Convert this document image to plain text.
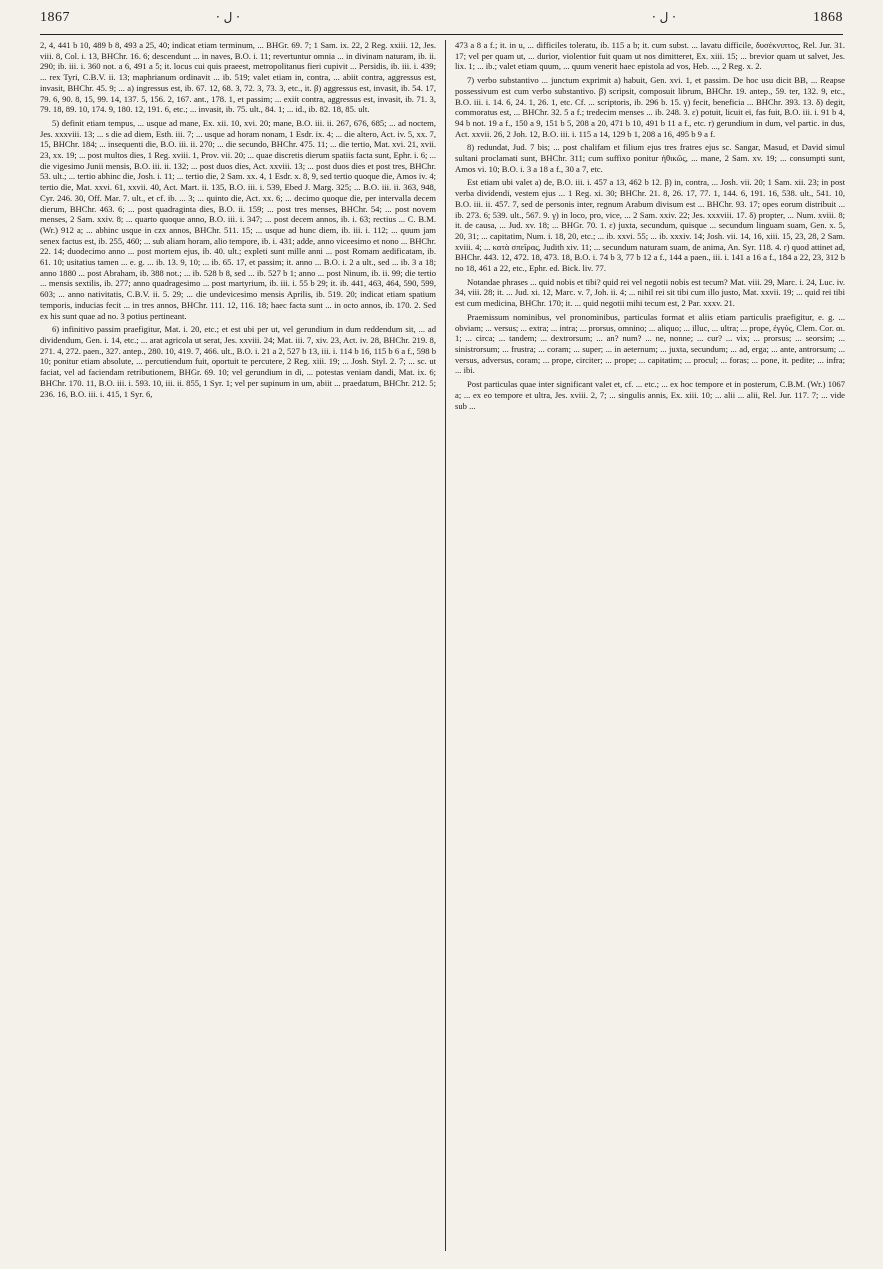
1867	· ل ·	· ل ·	1868

2, 4, 441 b 10, 489 b 8, 493 a 25, 40; indicat etiam terminum, ... BHGr. 69. 7; 1 Sam. ix. 22, 2 Reg. xxiii. 12, Jes. viii. 8, Col. i. 13, BHChr. 16. 6; descendunt ... in naves, B.O. i. 11; revertuntur omnia ... in divinam naturam, ib. ii. 290; ib. iii. i. 360 not. a 6, 491 a 5; it. locus cui quis praeest, metropolitanus fieri cupivit ... Persidis, ib. iii. i. 439; ... rex Tyri, C.B.V. ii. 13; maphrianum ordinavit ... ib. 519; valet etiam in, contra, ... abiit contra, aggressus est, invasit, BHChr. 45. 9; ... a) ingressus est, ib. 67. 12, 68. 3, 72. 3, 73. 3, etc., it. β) aggressus est, invasit, ib. 54. 17, 79. 6, 90. 8, 15, 99. 14, 137. 5, 156. 2, 167. ant., 178. 1, et passim; ... exiit contra, aggressus est, invasit, ib. 71. 3, 79. 18, 89. 10, 174. 9, 180. 12, 191. 6, etc.; ... invasit, ib. 75. ult., 84. 1; ... id., ib. 82. 18, 85. ult.

5) definit etiam tempus, ... usque ad mane, Ex. xii. 10, xvi. 20; mane, B.O. iii. ii. 267, 676, 685; ... ad noctem, Jes. xxxviii. 13; ... s die ad diem, Esth. iii. 7; ... usque ad horam nonam, 1 Esdr. ix. 4; ... die altero, Act. iv. 5, xx. 7, 15, BHChr. 184; ... insequenti die, B.O. iii. ii. 270; ... die secundo, BHChr. 475. 11; ... die tertio, Mat. xvi. 21, xvii. 23, xx. 19; ... post multos dies, 1 Reg. xviii. 1, Prov. vii. 20; ... quae discretis dierum spatiis facta sunt, Ephr. i. 6; ... die vigesimo Junii mensis, B.O. iii. ii. 132; ... post duos dies, Act. xxviii. 13; ... post duos dies et post tres, BHChr. 53. ult.; ... tertio abhinc die, Josh. i. 11; ... tertio die, 2 Sam. xx. 4, 1 Esdr. x. 8, 9, sed tertio quoque die, Amos iv. 4; tertio die, Mat. xxvi. 61, xxvii. 40, Act. Mart. ii. 135, B.O. iii. i. 539, Ebed J. Marg. 325; ... B.O. iii. ii. 363, 948, Cyr. 246. 30, Off. Mar. 7. ult., et cf. ib. ... 3; ... quinto die, Act. xx. 6; ... decimo quoque die, per intervalla decem dierum, BHChr. 463. 6; ... post quadraginta dies, B.O. ii. 159; ... post tres menses, BHChr. 54; ... post novem menses, 2 Sam. xxiv. 8; ... quarto quoque anno, B.O. iii. i. 347; ... post decem annos, ib. i. 63; rectius ... C. B.M. (Wr.) 912 a; ... abhinc usque in czx annos, BHChr. 511. 15; ... usque ad hunc diem, ib. iii. i. 112; ... quum jam senex factus est, ib. 255, 460; ... sub aliam horam, alio tempore, ib. i. 431; adde, anno viceesimo et nono ... BHChr. 22. 14; duodecimo anno ... post mortem ejus, ib. 40. ult.; expleti sunt mille anni ... post Romam aedificatam, ib. 61. 10; usitatius tamen ... e. g. ... ib. 13. 9, 10; ... ib. 65. 17, et passim; it. anno ... B.O. i. 2 a ult., sed ... ib. 3 a 18; anno 1880 ... post Abraham, ib. 388 not.; ... ib. 528 b 8, sed ... ib. 527 b 1; anno ... post Ninum, ib. ii. 99; die tertio ... mensis sextilis, ib. 277; anno quadragesimo ... post martyrium, ib. iii. i. 55 b 29; it. ib. 441, 463, 464, 590, 599, 603; ... anno nativitatis, C.B.V. ii. 5. 29; ... die undevicesimo mensis Aprilis, ib. 519. 20; indicat etiam spatium temporis, inducias fecit ... in tres annos, BHChr. 111. 12, 116. 18; haec facta sunt ... in octo annos, ib. 170. 2. Sed ex his sunt quae ad no. 3 potius pertineant.

6) infinitivo passim praefigitur, Mat. i. 20, etc.; et est ubi per ut, vel gerundium in dum reddendum sit, ... ad dividendum, Gen. i. 14, etc.; ... arat agricola ut serat, Jes. xxviii. 24; Mat. iii. 7, xiv. 23, Act. iv. 28, BHChr. 219. 8, 271. 4, 272. paen., 327. antep., 280. 10, 419. 7, 466. ult., B.O. i. 21 a 2, 527 b 13, iii. i. 114 b 16, 115 b 6 a f., 598 b 10; ponitur etiam absolute, ... percutiendum fuit, oportuit te percutere, 2 Reg. xiii. 19; ... Josh. Styl. 2. 7; ... sc. ut faciat, vel ad faciendam retributionem, BHGr. 69. 10; vel gerundium in di, ... potestas veniam dandi, Mat. ix. 6; BHChr. 170. 11, B.O. iii. i. 593. 10, iii. ii. 855, 1 Syr. 1; vel per supinum in um, abiit ... praedatum, BHChr. 212. 5; 236. 16, B.O. iii. i. 415, 1 Syr. 6,

473 a 8 a f.; it. in u, ... difficiles toleratu, ib. 115 a b; it. cum subst. ... lavatu difficile, δυσέκνιπτος, Rel. Jur. 31. 17; vel per quam ut, ... durior, violentior fuit quam ut nos dimitteret, Ex. xiii. 15; ... brevior quam ut salvet, Jes. lix. 1; ... ib.; valet etiam quum, ... quum venerit haec epistola ad vos, Heb. ..., 2 Reg. x. 2.

7) verbo substantivo ... junctum exprimit a) habuit, Gen. xvi. 1, et passim. De hoc usu dicit BB, ... Reapse possessivum est cum verbo substantivo. β) scripsit, composuit librum, BHChr. 19. antep., 59. ter, 132. 9, etc., B.O. iii. i. 14. 6, 24. 1, 26. 1, etc. Cf. ... scriptoris, ib. 296 b. 15. γ) fecit, beneficia ... BHChr. 393. 13. δ) degit, commoratus est, ... BHChr. 32. 5 a f.; tredecim menses ... ib. 248. 3. ε) potuit, licuit ei, fas fuit, B.O. iii. i. 91 b 4, 94 b not. 19 a f., 150 a 9, 151 b 5, 208 a 20, 471 b 10, 491 b 11 a f., etc. r) gerundium in dum, vel partic. in dus, Act. xxvii. 26, 2 Joh. 12, B.O. iii. i. 115 a 14, 129 b 1, 208 a 16, 495 b 9 a f.

8) redundat, Jud. 7 bis; ... post chalifam et filium ejus tres fratres ejus sc. Sangar, Masud, et David simul sultani proclamati sunt, BHChr. 311; cum suffixo ponitur ἠθικῶς, ... mane, 2 Sam. xv. 19; ... consumpti sunt, Amos vi. 10; B.O. i. 3 a 18 a f., 30 a 7, etc.

Est etiam ubi valet a) de, B.O. iii. i. 457 a 13, 462 b 12. β) in, contra, ... Josh. vii. 20; 1 Sam. xii. 23; in post verba dividendi, vestem ejus ... 1 Reg. xi. 30; BHChr. 21. 8, 26. 17, 77. 1, 144. 6, 191. 16, 538. ult., 541. 10, B.O. iii. ii. 457. 7, sed de personis inter, regnum Arabum divisum est ... BHChr. 93. 17; opes eorum distribuit ... ib. 273. 6; 539. ult., 567. 9. γ) in loco, pro, vice, ... 2 Sam. xxiv. 22; Jes. xxxviii. 17. δ) propter, ... Num. xviii. 8; it. de causa, ... Jud. xv. 18; ... BHGr. 70. 1. ε) juxta, secundum, quisque ... secundum linguam suam, Gen. x. 5, 20, 31; ... capitatim, Num. i. 18, 20, etc.; ... ib. xxvi. 55; ... ib. xxxiv. 14; Josh. vii. 14, 16, xiii. 15, 23, 28, 2 Sam. xviii. 4; ... κατὰ σπεῖρας, Judith xiv. 11; ... secundum naturam suam, de anima, An. Syr. 118. 4. r) quod attinet ad, BHChr. 443. 12, 472. 18, 473. 18, B.O. i. 74 b 3, 77 b 12 a f., 144 a paen., iii. i. 141 a 16 a f., 184 a 22, 23, 312 b no 18, 461 a 22, etc., Ephr. ed. Bick. liv. 77.

Notandae phrases ... quid nobis et tibi? quid rei vel negotii nobis est tecum? Mat. viii. 29, Marc. i. 24, Luc. iv. 34, viii. 28; it. ... Jud. xi. 12, Marc. v. 7, Joh. ii. 4; ... nihil rei sit tibi cum illo justo, Mat. xxvii. 19; ... quid rei tibi est cum medicina, BHChr. 170; it. ... quid negotii mihi tecum est, 2 Par. xxxv. 21.

Praemissum nominibus, vel pronominibus, particulas format et aliis etiam particulis praefigitur, e. g. ... obviam; ... versus; ... extra; ... intra; ... prorsus, omnino; ... aliquo; ... illuc, ... ultra; ... prope, ἐγγύς, Clem. Cor. αι. 1; ... circa; ... tandem; ... dextrorsum; ... an? num? ... ne, nonne; ... cur? ... vix; ... prorsus; ... seorsim; ... sinistrorsum; ... frustra; ... coram; ... super; ... in aeternum; ... juxta, secundum; ... ad, erga; ... ante, antrorsum; ... versus, adversus, coram; ... prope, circiter; ... prope; ... capitatim; ... procul; ... foras; ... pone, it. pedite; ... infra; ... ibi.

Post particulas quae inter significant valet et, cf. ... etc.; ... ex hoc tempore et in posterum, C.B.M. (Wr.) 1067 a; ... ex eo tempore et ultra, Jes. xviii. 2, 7; ... singulis annis, Ex. xiii. 10; ... alii ... alii, Rel. Jur. 117. 7; ... vide sub ...
